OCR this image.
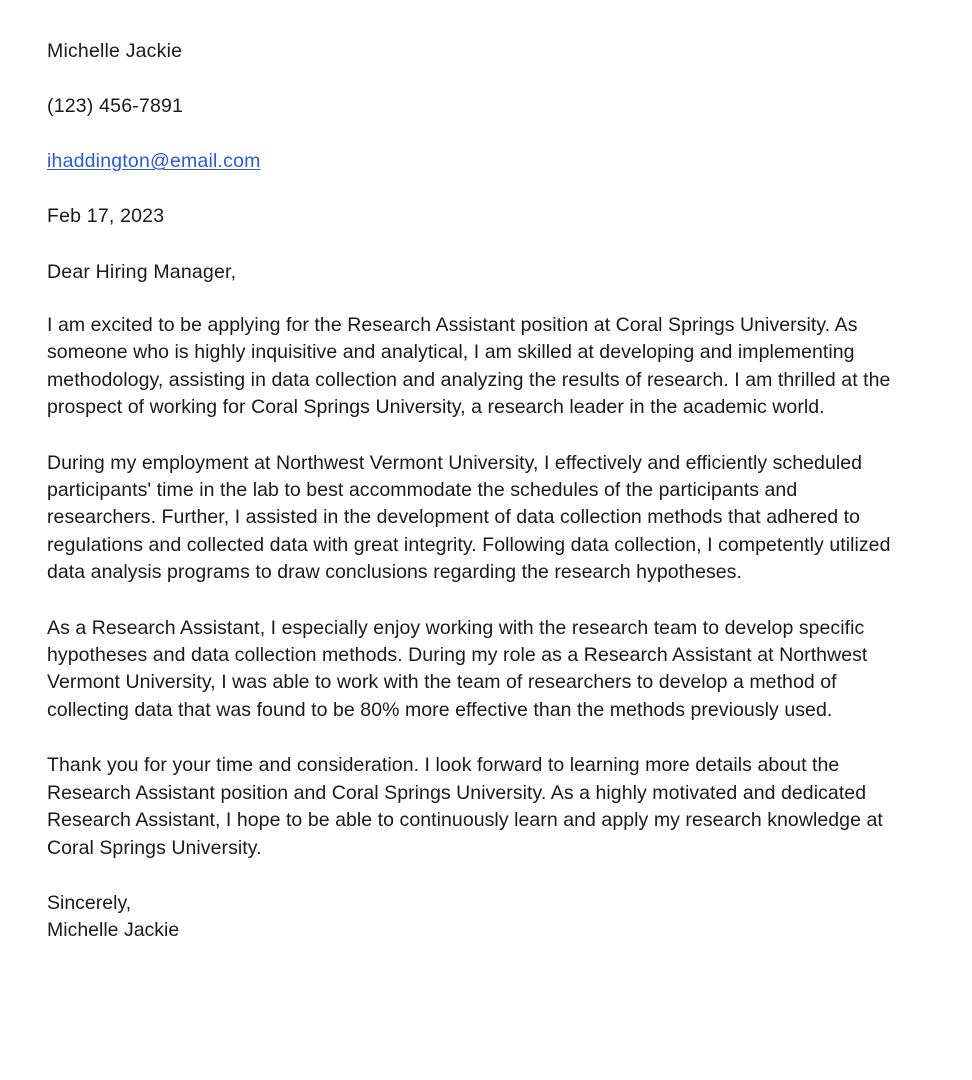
Michelle Jackie

(123) 456-7891

ihaddington@email.com

Feb 17, 2023

Dear Hiring Manager,

I am excited to be applying for the Research Assistant position at Coral Springs University. As someone who is highly inquisitive and analytical, I am skilled at developing and implementing methodology, assisting in data collection and analyzing the results of research. I am thrilled at the prospect of working for Coral Springs University, a research leader in the academic world.

During my employment at Northwest Vermont University, I effectively and efficiently scheduled participants' time in the lab to best accommodate the schedules of the participants and researchers. Further, I assisted in the development of data collection methods that adhered to regulations and collected data with great integrity. Following data collection, I competently utilized data analysis programs to draw conclusions regarding the research hypotheses.

As a Research Assistant, I especially enjoy working with the research team to develop specific hypotheses and data collection methods. During my role as a Research Assistant at Northwest Vermont University, I was able to work with the team of researchers to develop a method of collecting data that was found to be 80% more effective than the methods previously used.

Thank you for your time and consideration. I look forward to learning more details about the Research Assistant position and Coral Springs University. As a highly motivated and dedicated Research Assistant, I hope to be able to continuously learn and apply my research knowledge at Coral Springs University.

Sincerely,
Michelle Jackie
